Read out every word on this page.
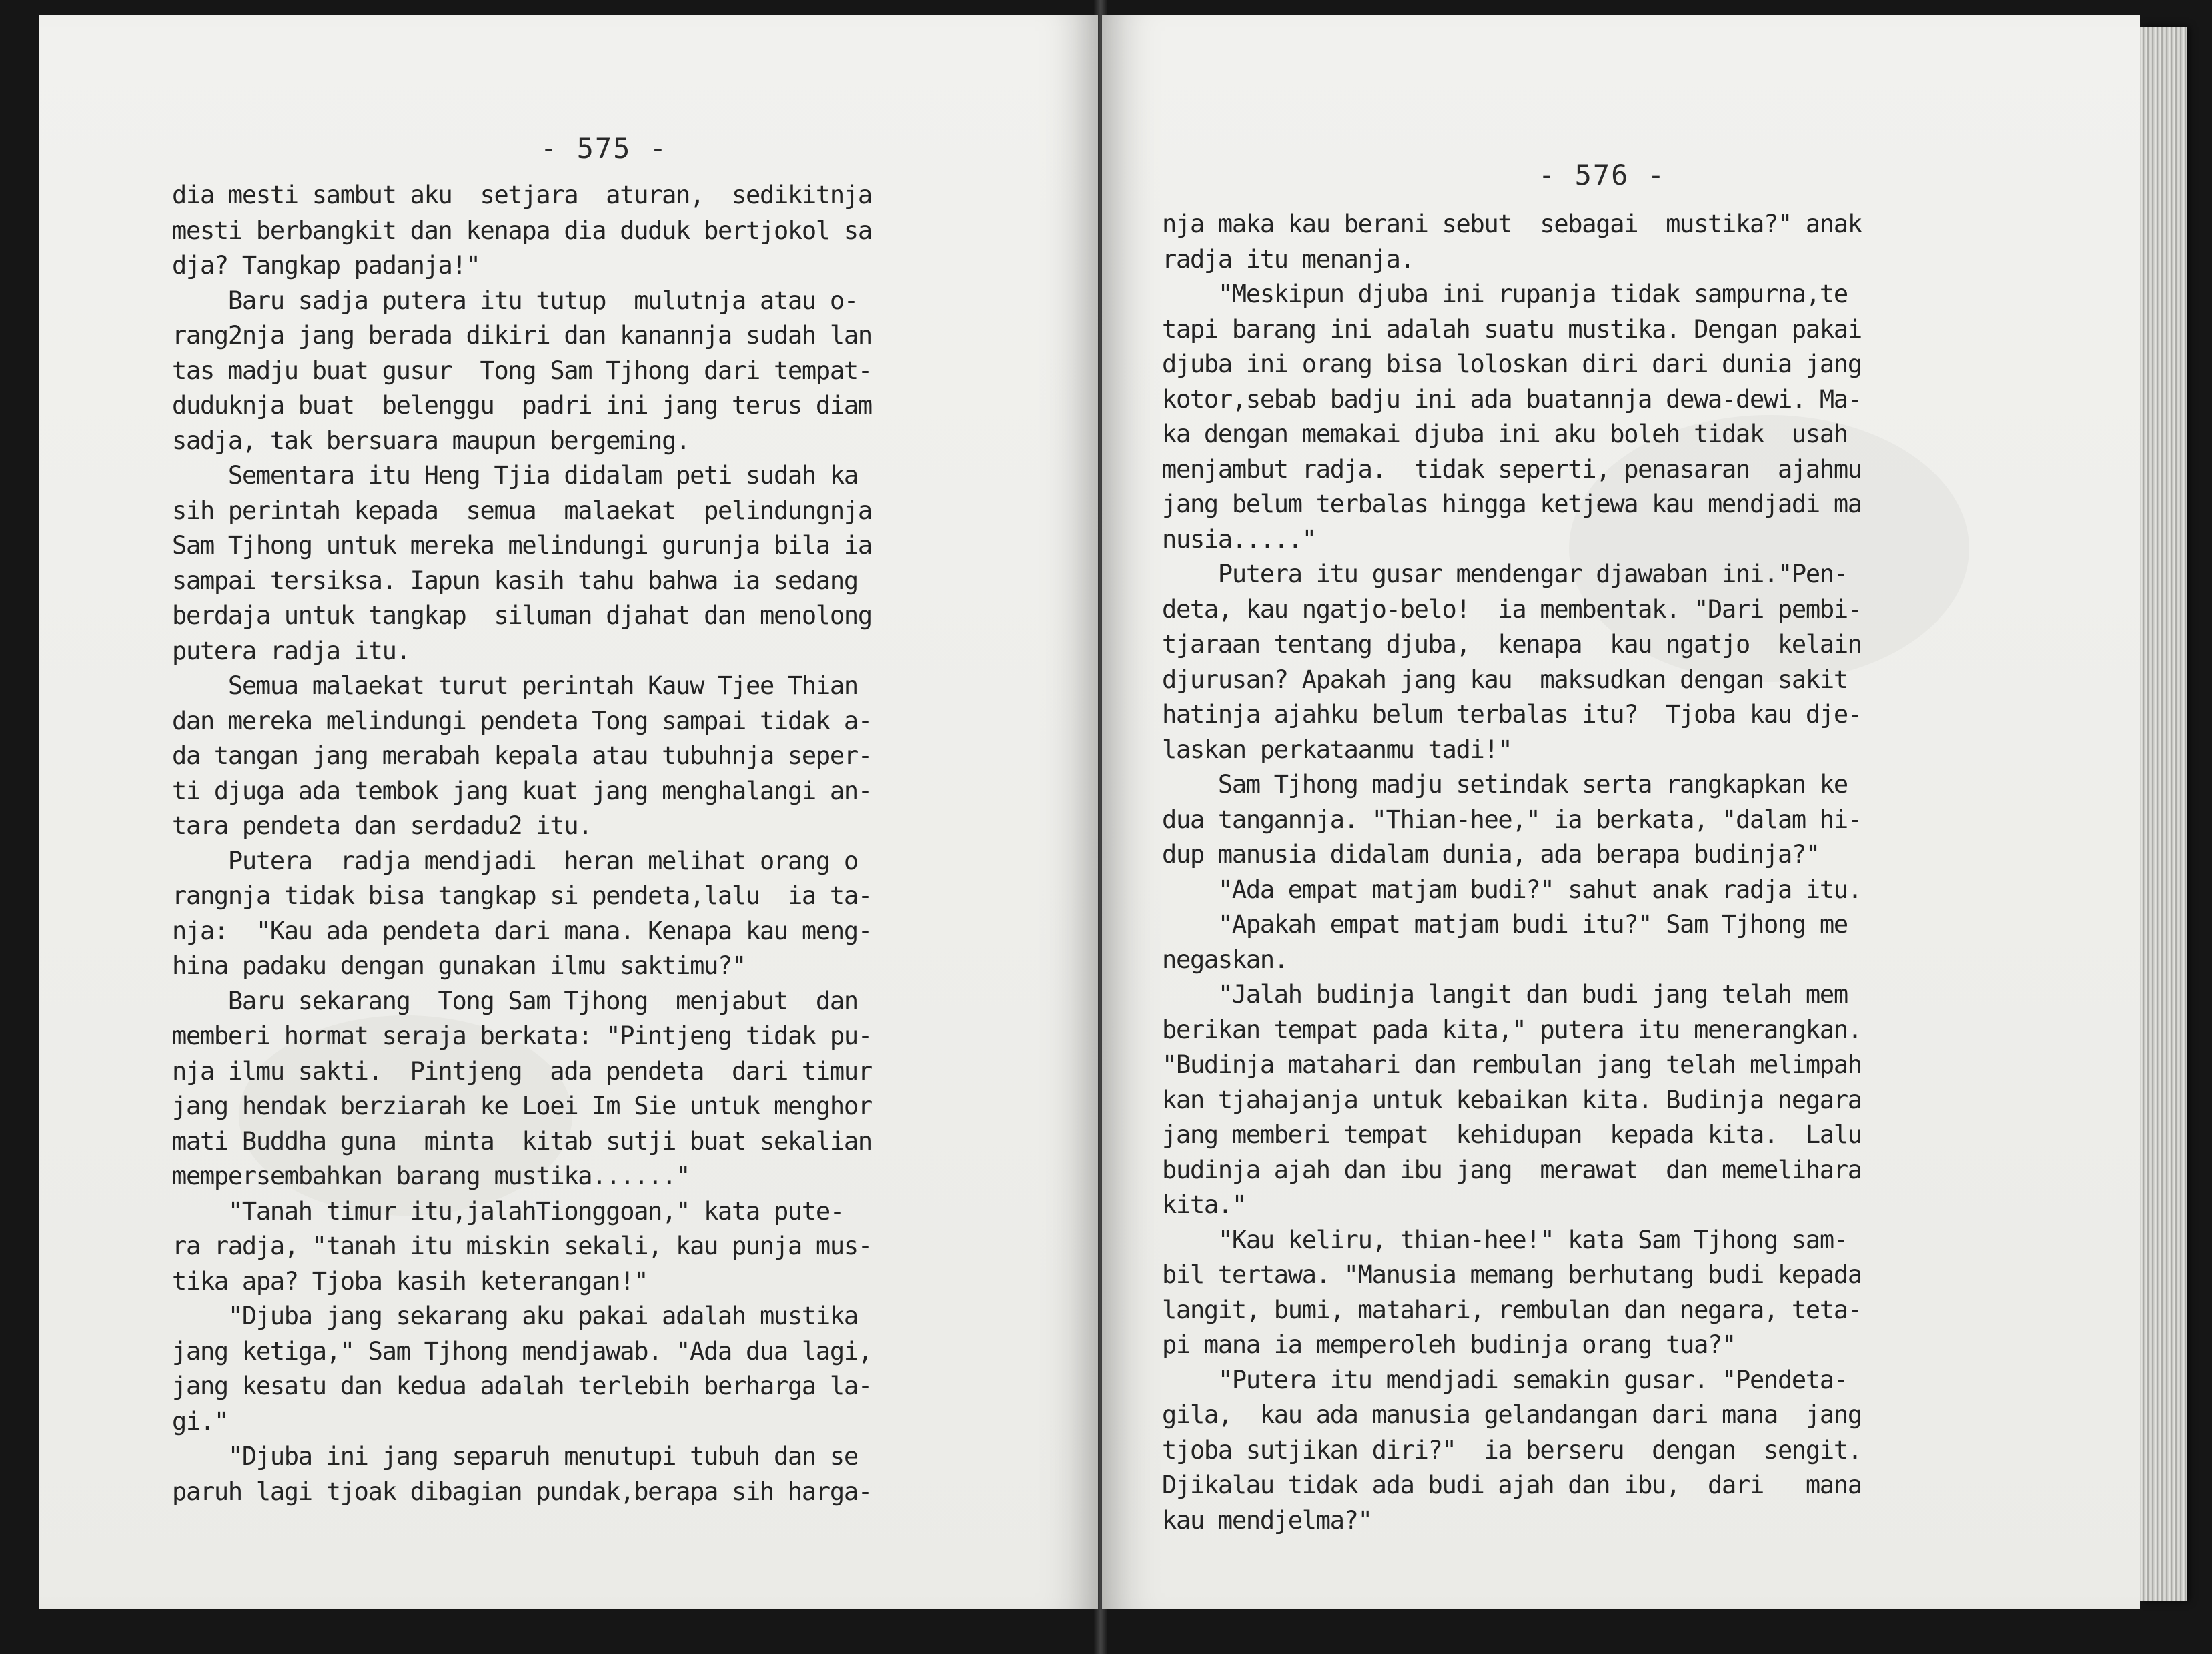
- 575 -
dia mesti sambut aku  setjara  aturan,  sedikitnja
mesti berbangkit dan kenapa dia duduk bertjokol sa
dja? Tangkap padanja!"
Baru sadja putera itu tutup  mulutnja atau o-
rang2nja jang berada dikiri dan kanannja sudah lan
tas madju buat gusur  Tong Sam Tjhong dari tempat-
duduknja buat  belenggu  padri ini jang terus diam
sadja, tak bersuara maupun bergeming.
Sementara itu Heng Tjia didalam peti sudah ka
sih perintah kepada  semua  malaekat  pelindungnja
Sam Tjhong untuk mereka melindungi gurunja bila ia
sampai tersiksa. Iapun kasih tahu bahwa ia sedang
berdaja untuk tangkap  siluman djahat dan menolong
putera radja itu.
Semua malaekat turut perintah Kauw Tjee Thian
dan mereka melindungi pendeta Tong sampai tidak a-
da tangan jang merabah kepala atau tubuhnja seper-
ti djuga ada tembok jang kuat jang menghalangi an-
tara pendeta dan serdadu2 itu.
Putera  radja mendjadi  heran melihat orang o
rangnja tidak bisa tangkap si pendeta,lalu  ia ta-
nja:  "Kau ada pendeta dari mana. Kenapa kau meng-
hina padaku dengan gunakan ilmu saktimu?"
Baru sekarang  Tong Sam Tjhong  menjabut  dan
memberi hormat seraja berkata: "Pintjeng tidak pu-
nja ilmu sakti.  Pintjeng  ada pendeta  dari timur
jang hendak berziarah ke Loei Im Sie untuk menghor
mati Buddha guna  minta  kitab sutji buat sekalian
mempersembahkan barang mustika......"
"Tanah timur itu,jalahTionggoan," kata pute-
ra radja, "tanah itu miskin sekali, kau punja mus-
tika apa? Tjoba kasih keterangan!"
"Djuba jang sekarang aku pakai adalah mustika
jang ketiga," Sam Tjhong mendjawab. "Ada dua lagi,
jang kesatu dan kedua adalah terlebih berharga la-
gi."
"Djuba ini jang separuh menutupi tubuh dan se
paruh lagi tjoak dibagian pundak,berapa sih harga-
- 576 -
nja maka kau berani sebut  sebagai  mustika?" anak
radja itu menanja.
"Meskipun djuba ini rupanja tidak sampurna,te
tapi barang ini adalah suatu mustika. Dengan pakai
djuba ini orang bisa loloskan diri dari dunia jang
kotor,sebab badju ini ada buatannja dewa-dewi. Ma-
ka dengan memakai djuba ini aku boleh tidak  usah
menjambut radja.  tidak seperti, penasaran  ajahmu
jang belum terbalas hingga ketjewa kau mendjadi ma
nusia....."
Putera itu gusar mendengar djawaban ini."Pen-
deta, kau ngatjo-belo!  ia membentak. "Dari pembi-
tjaraan tentang djuba,  kenapa  kau ngatjo  kelain
djurusan? Apakah jang kau  maksudkan dengan sakit
hatinja ajahku belum terbalas itu?  Tjoba kau dje-
laskan perkataanmu tadi!"
Sam Tjhong madju setindak serta rangkapkan ke
dua tangannja. "Thian-hee," ia berkata, "dalam hi-
dup manusia didalam dunia, ada berapa budinja?"
"Ada empat matjam budi?" sahut anak radja itu.
"Apakah empat matjam budi itu?" Sam Tjhong me
negaskan.
"Jalah budinja langit dan budi jang telah mem
berikan tempat pada kita," putera itu menerangkan.
"Budinja matahari dan rembulan jang telah melimpah
kan tjahajanja untuk kebaikan kita. Budinja negara
jang memberi tempat  kehidupan  kepada kita.  Lalu
budinja ajah dan ibu jang  merawat  dan memelihara
kita."
"Kau keliru, thian-hee!" kata Sam Tjhong sam-
bil tertawa. "Manusia memang berhutang budi kepada
langit, bumi, matahari, rembulan dan negara, teta-
pi mana ia memperoleh budinja orang tua?"
"Putera itu mendjadi semakin gusar. "Pendeta-
gila,  kau ada manusia gelandangan dari mana  jang
tjoba sutjikan diri?"  ia berseru  dengan  sengit.
Djikalau tidak ada budi ajah dan ibu,  dari   mana
kau mendjelma?"
